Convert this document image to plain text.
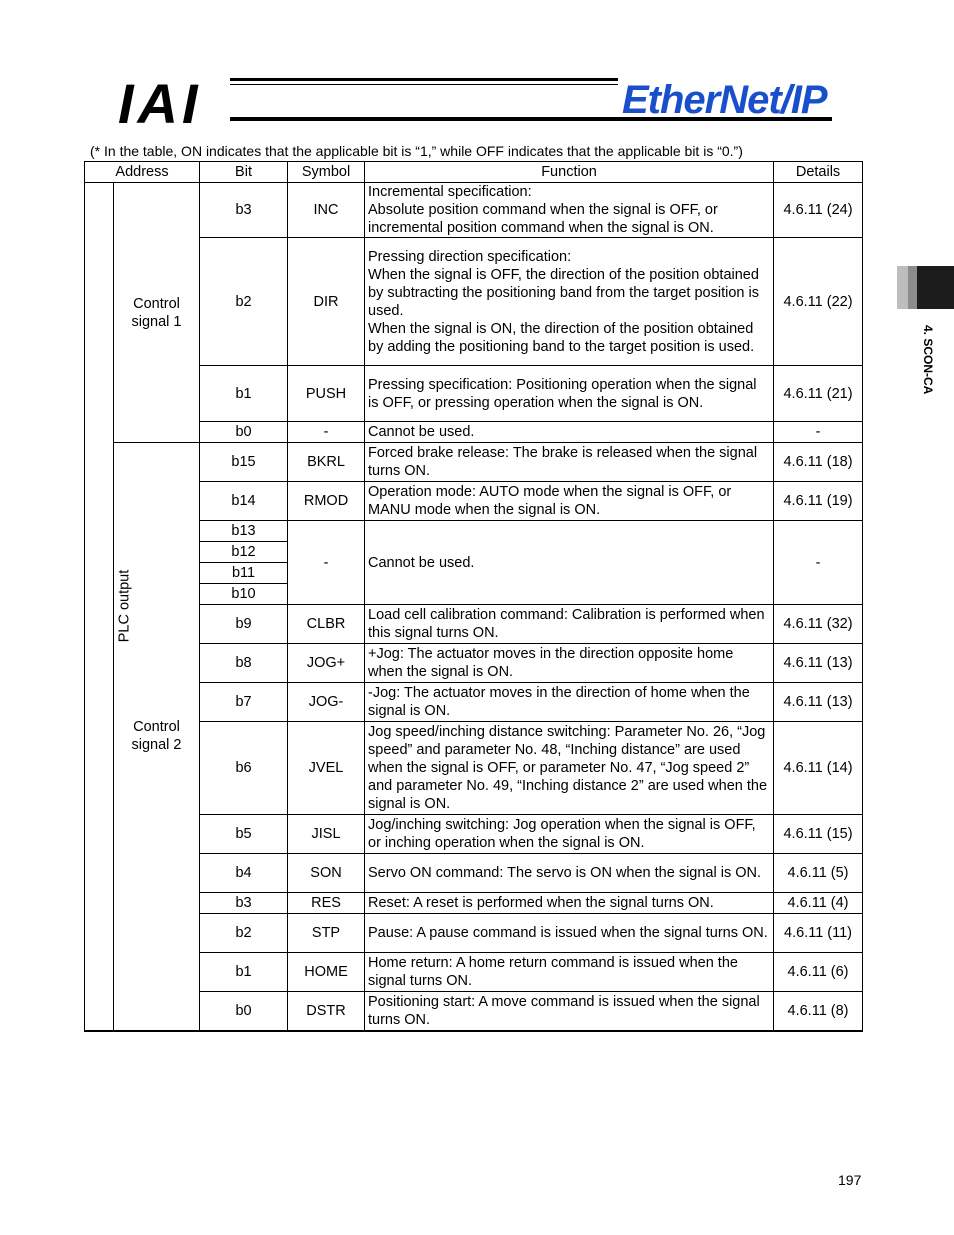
IAI	EtherNet/IP
(* In the table, ON indicates that the applicable bit is “1,” while OFF indicates that the applicable bit is “0.”)
4. SCON-CA
Address		Bit	Symbol	Function	Details
PLC output	Control signal 1	b3	INC	Incremental specification:
Absolute position command when the signal is OFF, or incremental position command when the signal is ON.	4.6.11 (24)
		b2	DIR	Pressing direction specification:
When the signal is OFF, the direction of the position obtained by subtracting the positioning band from the target position is used.
When the signal is ON, the direction of the position obtained by adding the positioning band to the target position is used.	4.6.11 (22)
		b1	PUSH	Pressing specification: Positioning operation when the signal is OFF, or pressing operation when the signal is ON.	4.6.11 (21)
		b0	-	Cannot be used.	-
	Control signal 2	b15	BKRL	Forced brake release: The brake is released when the signal turns ON.	4.6.11 (18)
		b14	RMOD	Operation mode: AUTO mode when the signal is OFF, or MANU mode when the signal is ON.	4.6.11 (19)
		b13	-	Cannot be used.	-
		b12			
		b11			
		b10			
		b9	CLBR	Load cell calibration command: Calibration is performed when this signal turns ON.	4.6.11 (32)
		b8	JOG+	+Jog: The actuator moves in the direction opposite home when the signal is ON.	4.6.11 (13)
		b7	JOG-	-Jog: The actuator moves in the direction of home when the signal is ON.	4.6.11 (13)
		b6	JVEL	Jog speed/inching distance switching: Parameter No. 26, “Jog speed” and parameter No. 48, “Inching distance” are used when the signal is OFF, or parameter No. 47, “Jog speed 2” and parameter No. 49, “Inching distance 2” are used when the signal is ON.	4.6.11 (14)
		b5	JISL	Jog/inching switching: Jog operation when the signal is OFF, or inching operation when the signal is ON.	4.6.11 (15)
		b4	SON	Servo ON command: The servo is ON when the signal is ON.	4.6.11 (5)
		b3	RES	Reset: A reset is performed when the signal turns ON.	4.6.11 (4)
		b2	STP	Pause: A pause command is issued when the signal turns ON.	4.6.11 (11)
		b1	HOME	Home return: A home return command is issued when the signal turns ON.	4.6.11 (6)
		b0	DSTR	Positioning start: A move command is issued when the signal turns ON.	4.6.11 (8)
197
